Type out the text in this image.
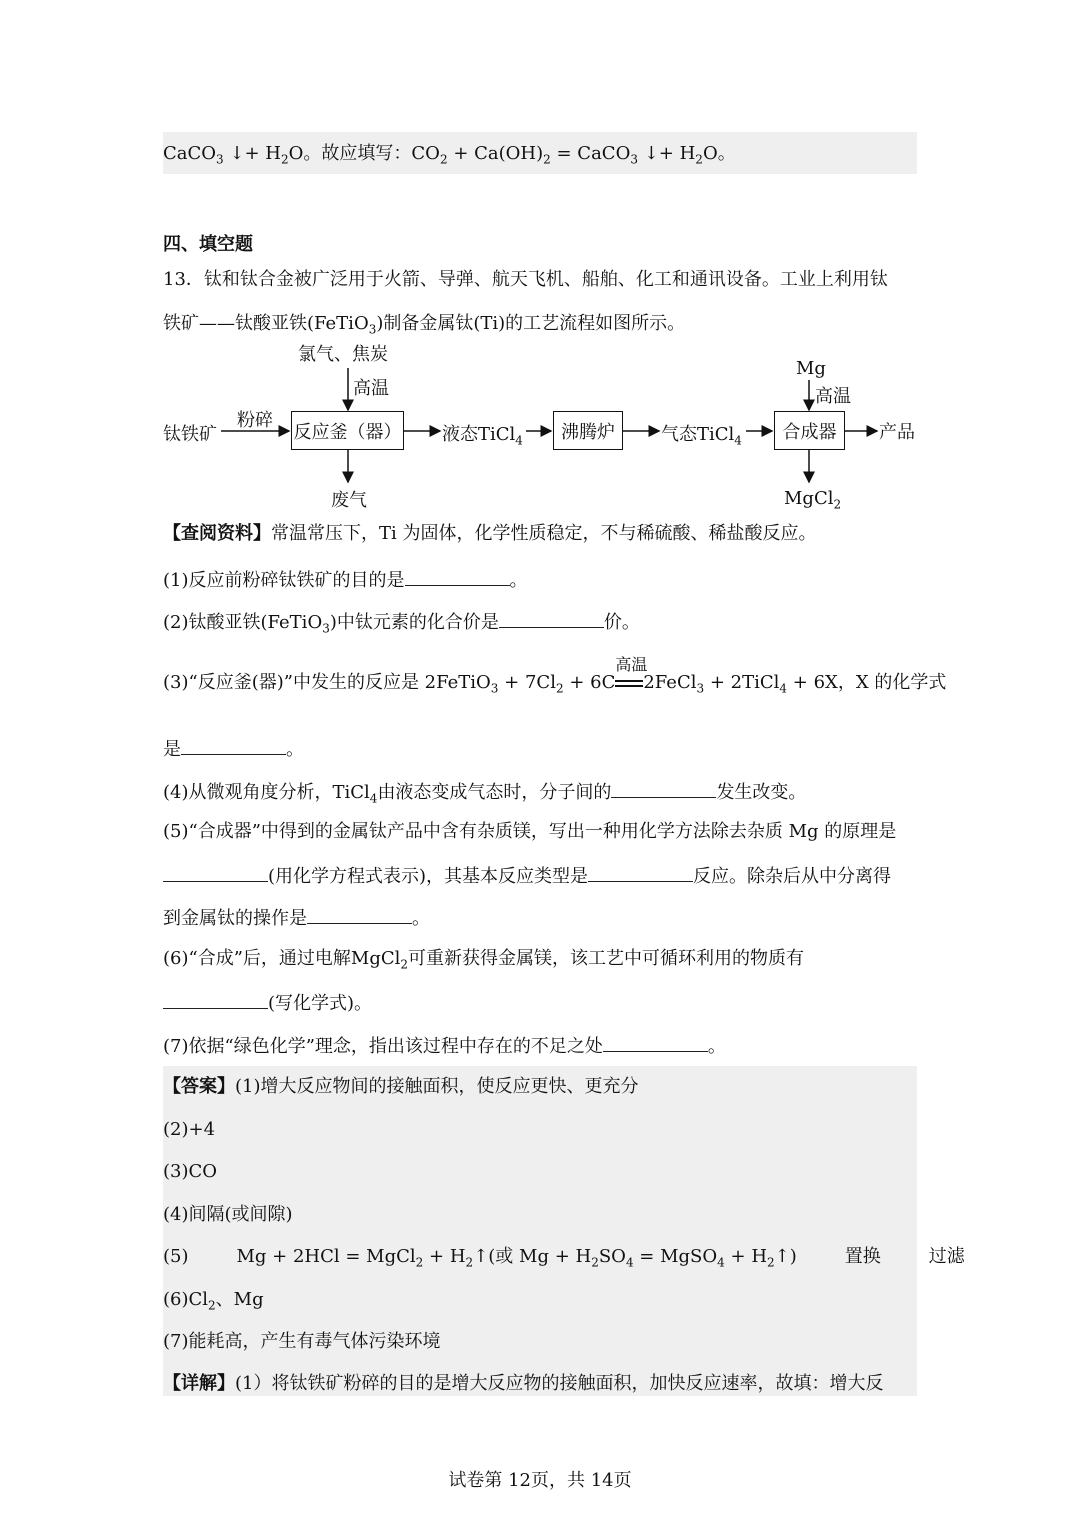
CaCO$_3$ ↓+ $H_2O$。故应填写：$CO_2 + Ca(OH)_2$ = CaCO$_3$ ↓+ $H_2O$。
四、填空题
13．钛和钛合金被广泛用于火箭、导弹、航天飞机、船舶、化工和通讯设备。工业上利用钛
铁矿——钛酸亚铁(FeTiO$_3$)制备金属钛(Ti)的工艺流程如图所示。
氯气、焦炭
高温
钛铁矿
粉碎
反应釜（器） 液态TiCl$_4$ 沸腾炉	气态TiCl$_4$
Mg
高温
合成器 产品
废气	MgCl$_2$
【查阅资料】常温常压下，Ti 为固体，化学性质稳定，不与稀硫酸、稀盐酸反应。
(1)反应前粉碎钛铁矿的目的是	。
(2)钛酸亚铁(FeTiO$_3$)中钛元素的化合价是	价。
(3)“反应釜(器)”中发生的反应是 2FeTiO$_3$ + $7Cl_2 + 6C$
高温
2FeCl$_3$ + 2TiCl$_4$ + 6X，X 的化学式
是	。
(4)从微观角度分析，TiCl$_4$由液态变成气态时，分子间的	发生改变。
(5)“合成器”中得到的金属钛产品中含有杂质镁，写出一种用化学方法除去杂质 Mg 的原理是
(用化学方程式表示)，其基本反应类型是	反应。除杂后从中分离得
到金属钛的操作是	。
(6)“合成”后，通过电解MgCl$_2$可重新获得金属镁，该工艺中可循环利用的物质有
(写化学式)。
(7)依据“绿色化学”理念，指出该过程中存在的不足之处	。
【答案】(1)增大反应物间的接触面积，使反应更快、更充分
(2)+4
(3)CO
(4)间隔(或间隙)
(5)	Mg + 2HCl = MgCl$_2$ + $H_2↑$(或 $Mg + H_2SO_4$ = MgSO$_4$ + $H_2↑$)	置换	过滤
$(6)Cl_2$、Mg
(7)能耗高，产生有毒气体污染环境
【详解】(1）将钛铁矿粉碎的目的是增大反应物的接触面积，加快反应速率，故填：增大反
试卷第 12页，共 14页
